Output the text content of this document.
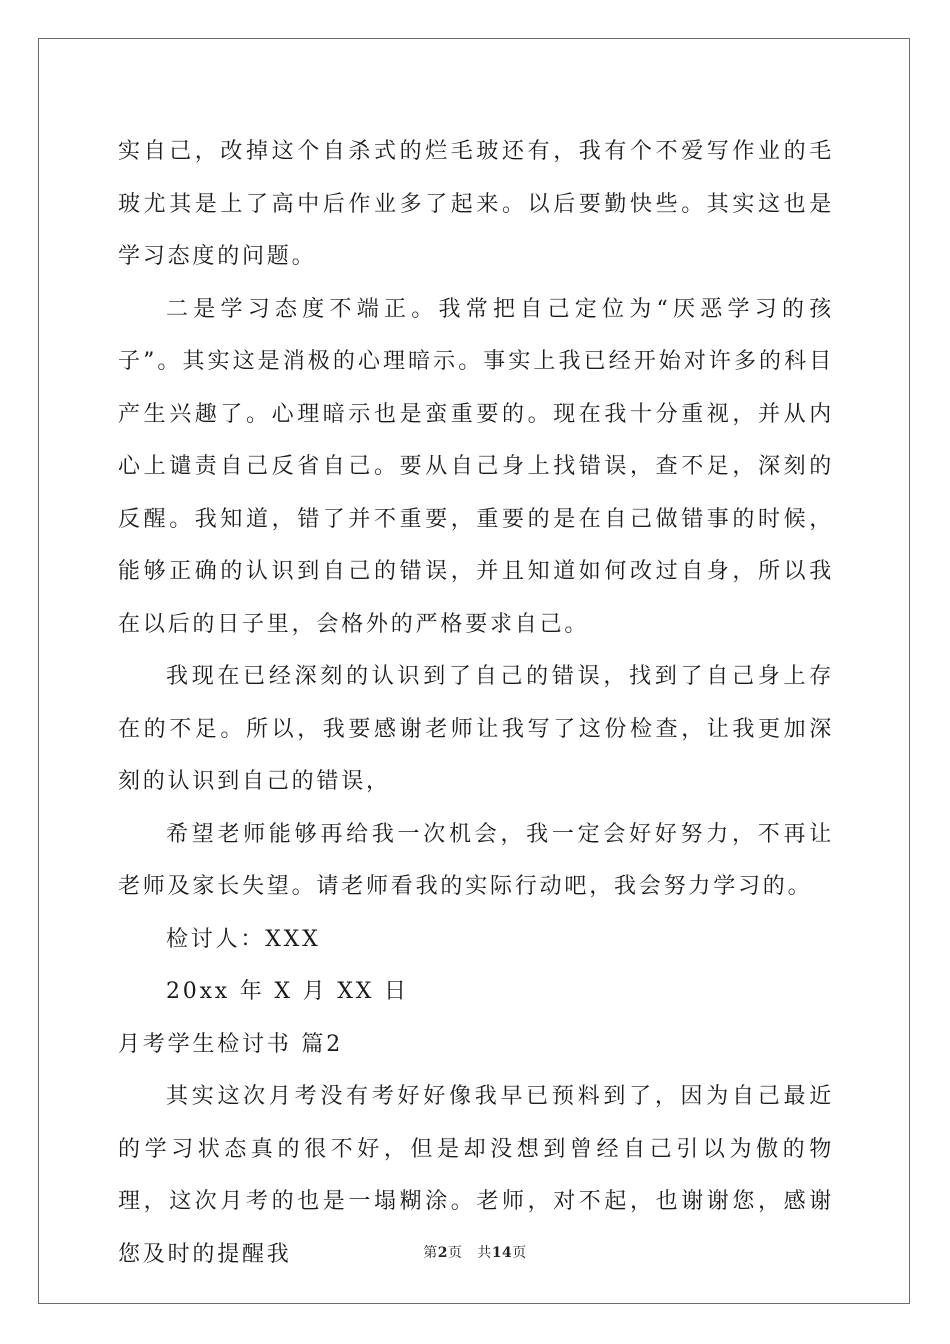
实自己，改掉这个自杀式的烂毛玻还有，我有个不爱写作业的毛玻尤其是上了高中后作业多了起来。以后要勤快些。其实这也是学习态度的问题。

二是学习态度不端正。我常把自己定位为“厌恶学习的孩子”。其实这是消极的心理暗示。事实上我已经开始对许多的科目产生兴趣了。心理暗示也是蛮重要的。现在我十分重视，并从内心上谴责自己反省自己。要从自己身上找错误，查不足，深刻的反醒。我知道，错了并不重要，重要的是在自己做错事的时候，能够正确的认识到自己的错误，并且知道如何改过自身，所以我在以后的日子里，会格外的严格要求自己。

我现在已经深刻的认识到了自己的错误，找到了自己身上存在的不足。所以，我要感谢老师让我写了这份检查，让我更加深刻的认识到自己的错误，

希望老师能够再给我一次机会，我一定会好好努力，不再让老师及家长失望。请老师看我的实际行动吧，我会努力学习的。

检讨人：XXX

20xx 年 X 月 XX 日

月考学生检讨书 篇2

其实这次月考没有考好好像我早已预料到了，因为自己最近的学习状态真的很不好，但是却没想到曾经自己引以为傲的物理，这次月考的也是一塌糊涂。老师，对不起，也谢谢您，感谢您及时的提醒我	第2页   共14页
